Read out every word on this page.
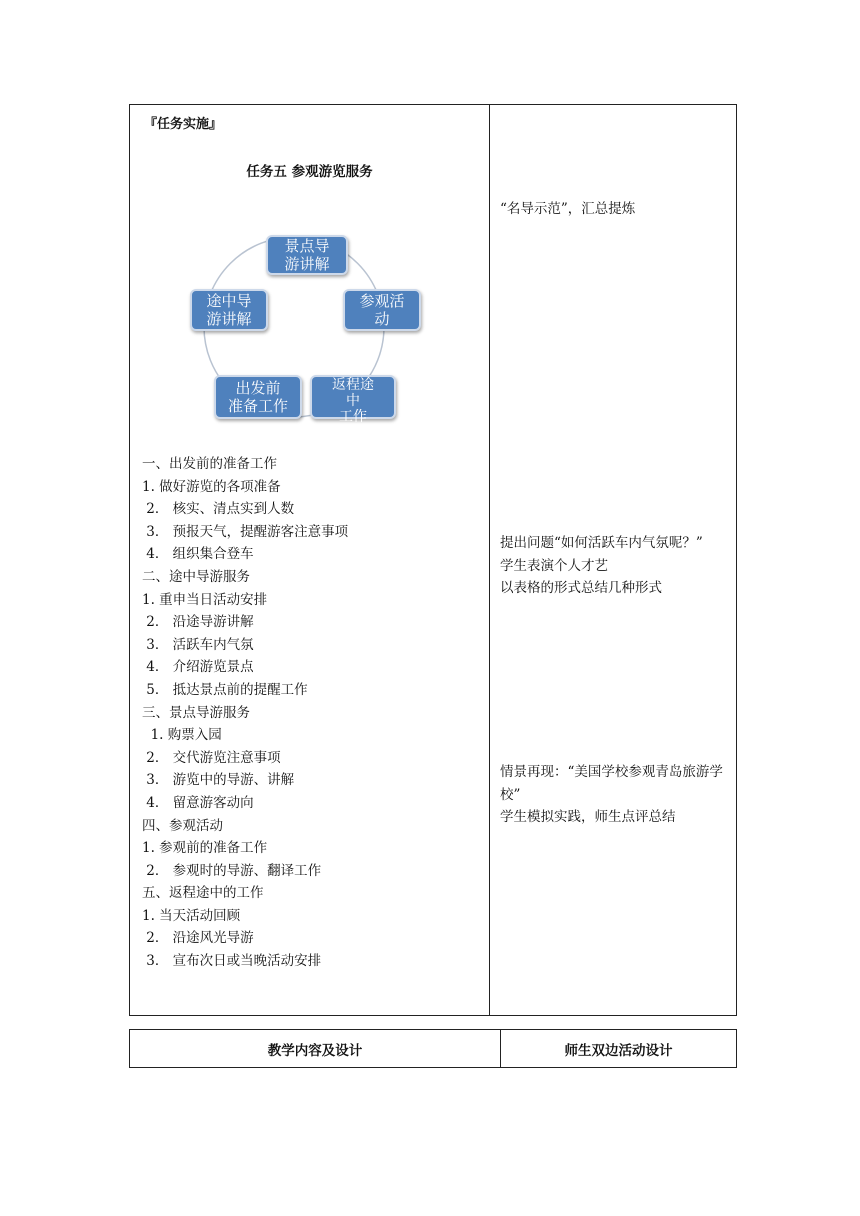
『任务实施』
任务五 参观游览服务
景点导
游讲解
参观活
动
返程途
中
工作
出发前
准备工作
途中导
游讲解
一、出发前的准备工作
1. 做好游览的各项准备
2． 核实、清点实到人数
3． 预报天气，提醒游客注意事项
4． 组织集合登车
二、途中导游服务
1. 重申当日活动安排
2． 沿途导游讲解
3． 活跃车内气氛
4． 介绍游览景点
5． 抵达景点前的提醒工作
三、景点导游服务
1. 购票入园
2． 交代游览注意事项
3． 游览中的导游、讲解
4． 留意游客动向
四、参观活动
1. 参观前的准备工作
2． 参观时的导游、翻译工作
五、返程途中的工作
1. 当天活动回顾
2． 沿途风光导游
3． 宣布次日或当晚活动安排
“名导示范”，汇总提炼
提出问题“如何活跃车内气氛呢？”
学生表演个人才艺
以表格的形式总结几种形式
情景再现：“美国学校参观青岛旅游学校”
学生模拟实践，师生点评总结
教学内容及设计	师生双边活动设计
